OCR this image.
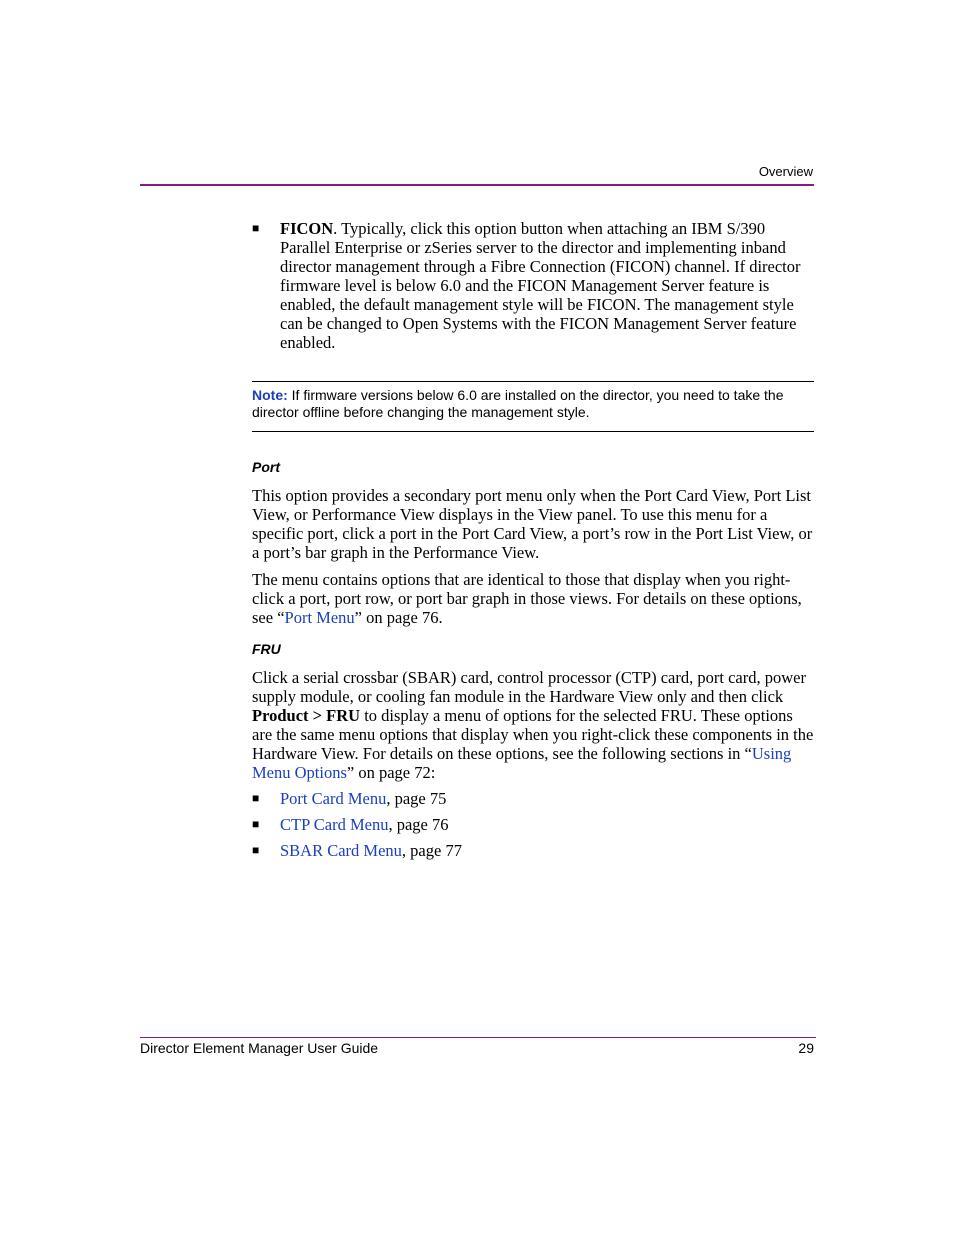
Overview
■ FICON. Typically, click this option button when attaching an IBM S/390 Parallel Enterprise or zSeries server to the director and implementing inband director management through a Fibre Connection (FICON) channel. If director firmware level is below 6.0 and the FICON Management Server feature is enabled, the default management style will be FICON. The management style can be changed to Open Systems with the FICON Management Server feature enabled.

Note: If firmware versions below 6.0 are installed on the director, you need to take the director offline before changing the management style.
Port

This option provides a secondary port menu only when the Port Card View, Port List View, or Performance View displays in the View panel. To use this menu for a specific port, click a port in the Port Card View, a port’s row in the Port List View, or a port’s bar graph in the Performance View.

The menu contains options that are identical to those that display when you right-click a port, port row, or port bar graph in those views. For details on these options, see “Port Menu” on page 76.

FRU

Click a serial crossbar (SBAR) card, control processor (CTP) card, port card, power supply module, or cooling fan module in the Hardware View only and then click Product > FRU to display a menu of options for the selected FRU. These options are the same menu options that display when you right-click these components in the Hardware View. For details on these options, see the following sections in “Using Menu Options” on page 72:

■ Port Card Menu, page 75

■ CTP Card Menu, page 76

■ SBAR Card Menu, page 77

Director Element Manager User Guide	29
